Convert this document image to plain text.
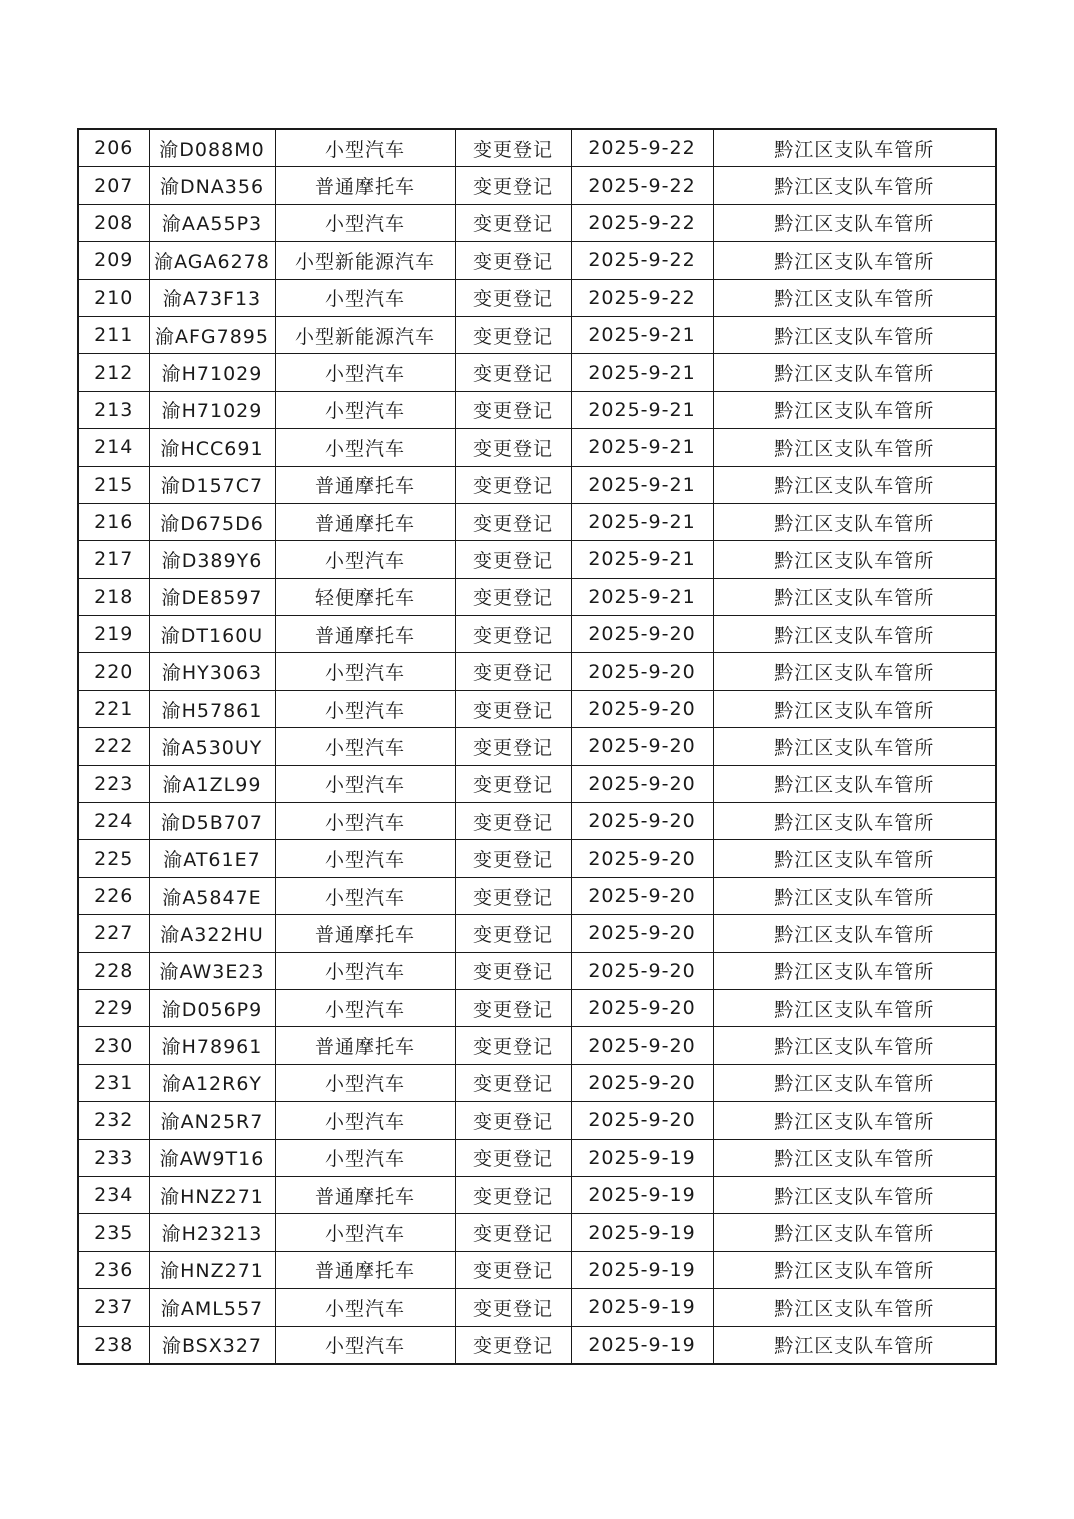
206	渝D088M0	小型汽车	变更登记	2025-9-22	黔江区支队车管所
207	渝DNA356	普通摩托车	变更登记	2025-9-22	黔江区支队车管所
208	渝AA55P3	小型汽车	变更登记	2025-9-22	黔江区支队车管所
209	渝AGA6278	小型新能源汽车	变更登记	2025-9-22	黔江区支队车管所
210	渝A73F13	小型汽车	变更登记	2025-9-22	黔江区支队车管所
211	渝AFG7895	小型新能源汽车	变更登记	2025-9-21	黔江区支队车管所
212	渝H71029	小型汽车	变更登记	2025-9-21	黔江区支队车管所
213	渝H71029	小型汽车	变更登记	2025-9-21	黔江区支队车管所
214	渝HCC691	小型汽车	变更登记	2025-9-21	黔江区支队车管所
215	渝D157C7	普通摩托车	变更登记	2025-9-21	黔江区支队车管所
216	渝D675D6	普通摩托车	变更登记	2025-9-21	黔江区支队车管所
217	渝D389Y6	小型汽车	变更登记	2025-9-21	黔江区支队车管所
218	渝DE8597	轻便摩托车	变更登记	2025-9-21	黔江区支队车管所
219	渝DT160U	普通摩托车	变更登记	2025-9-20	黔江区支队车管所
220	渝HY3063	小型汽车	变更登记	2025-9-20	黔江区支队车管所
221	渝H57861	小型汽车	变更登记	2025-9-20	黔江区支队车管所
222	渝A530UY	小型汽车	变更登记	2025-9-20	黔江区支队车管所
223	渝A1ZL99	小型汽车	变更登记	2025-9-20	黔江区支队车管所
224	渝D5B707	小型汽车	变更登记	2025-9-20	黔江区支队车管所
225	渝AT61E7	小型汽车	变更登记	2025-9-20	黔江区支队车管所
226	渝A5847E	小型汽车	变更登记	2025-9-20	黔江区支队车管所
227	渝A322HU	普通摩托车	变更登记	2025-9-20	黔江区支队车管所
228	渝AW3E23	小型汽车	变更登记	2025-9-20	黔江区支队车管所
229	渝D056P9	小型汽车	变更登记	2025-9-20	黔江区支队车管所
230	渝H78961	普通摩托车	变更登记	2025-9-20	黔江区支队车管所
231	渝A12R6Y	小型汽车	变更登记	2025-9-20	黔江区支队车管所
232	渝AN25R7	小型汽车	变更登记	2025-9-20	黔江区支队车管所
233	渝AW9T16	小型汽车	变更登记	2025-9-19	黔江区支队车管所
234	渝HNZ271	普通摩托车	变更登记	2025-9-19	黔江区支队车管所
235	渝H23213	小型汽车	变更登记	2025-9-19	黔江区支队车管所
236	渝HNZ271	普通摩托车	变更登记	2025-9-19	黔江区支队车管所
237	渝AML557	小型汽车	变更登记	2025-9-19	黔江区支队车管所
238	渝BSX327	小型汽车	变更登记	2025-9-19	黔江区支队车管所
